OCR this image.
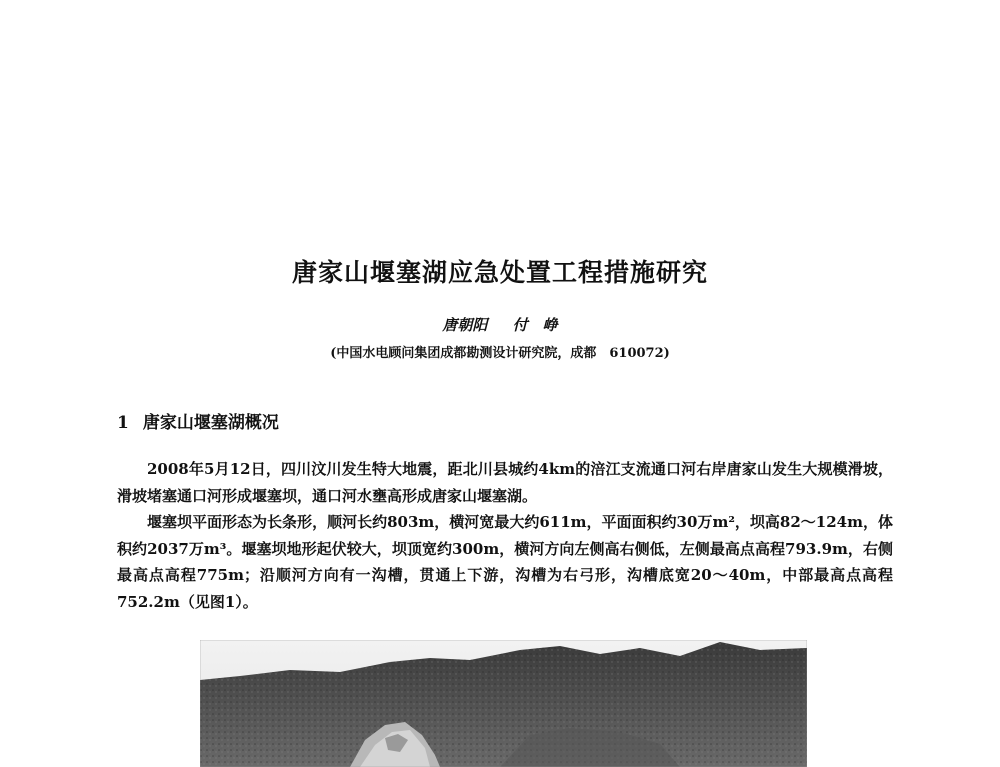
唐家山堰塞湖应急处置工程措施研究
唐朝阳 付　峥
(中国水电顾问集团成都勘测设计研究院，成都　610072)
1 唐家山堰塞湖概况
2008年5月12日，四川汶川发生特大地震，距北川县城约4km的涪江支流通口河右岸唐家山发生大规模滑坡，滑坡堵塞通口河形成堰塞坝，通口河水壅高形成唐家山堰塞湖。
堰塞坝平面形态为长条形，顺河长约803m，横河宽最大约611m，平面面积约30万m²，坝高82～124m，体积约2037万m³。堰塞坝地形起伏较大，坝顶宽约300m，横河方向左侧高右侧低，左侧最高点高程793.9m，右侧最高点高程775m；沿顺河方向有一沟槽，贯通上下游，沟槽为右弓形，沟槽底宽20～40m，中部最高点高程752.2m（见图1）。
